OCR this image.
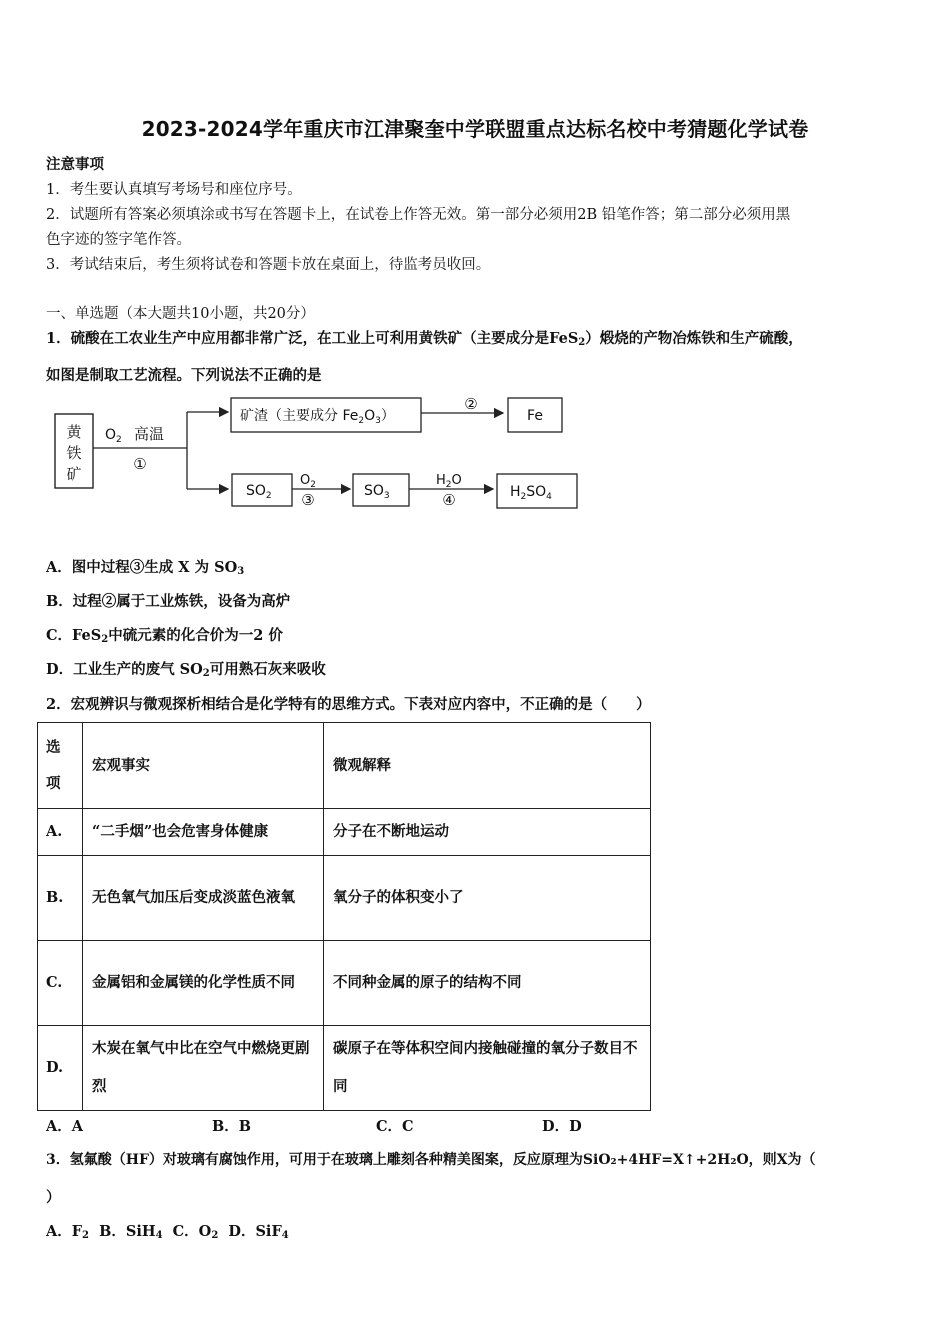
2023-2024学年重庆市江津聚奎中学联盟重点达标名校中考猜题化学试卷
注意事项
1．考生要认真填写考场号和座位序号。
2．试题所有答案必须填涂或书写在答题卡上，在试卷上作答无效。第一部分必须用2B 铅笔作答；第二部分必须用黑
色字迹的签字笔作答。
3．考试结束后，考生须将试卷和答题卡放在桌面上，待监考员收回。
一、单选题（本大题共10小题，共20分）
1．硫酸在工农业生产中应用都非常广泛，在工业上可利用黄铁矿（主要成分是FeS$_2$）煅烧的产物冶炼铁和生产硫酸，
如图是制取工艺流程。下列说法不正确的是
黄
铁
矿
$O_2$ 高温
①
矿渣（主要成分 $Fe_2O_3$）
②
Fe
$SO_2$
$O_2$
③	$SO_3$
$H_2O$
④	$H_2SO_4$
A．图中过程③生成 X 为 $SO_3$
B．过程②属于工业炼铁，设备为高炉
C．FeS$_2$中硫元素的化合价为一2 价
D．工业生产的废气 $SO_2$可用熟石灰来吸收
2．宏观辨识与微观探析相结合是化学特有的思维方式。下表对应内容中，不正确的是（　　）
选
项	宏观事实	微观解释
A.	“二手烟”也会危害身体健康	分子在不断地运动
B.	无色氧气加压后变成淡蓝色液氧	氧分子的体积变小了
C.	金属铝和金属镁的化学性质不同	不同种金属的原子的结构不同
D.	木炭在氧气中比在空气中燃烧更剧烈	碳原子在等体积空间内接触碰撞的氧分子数目不同
A．A	B．B	C．C	D．D
3．氢氟酸（HF）对玻璃有腐蚀作用，可用于在玻璃上雕刻各种精美图案，反应原理为SiO₂+4HF=X↑+2H₂O，则X为（
）
A．$F_2$ B．SiH$_4$ C．$O_2$ D．SiF$_4$
